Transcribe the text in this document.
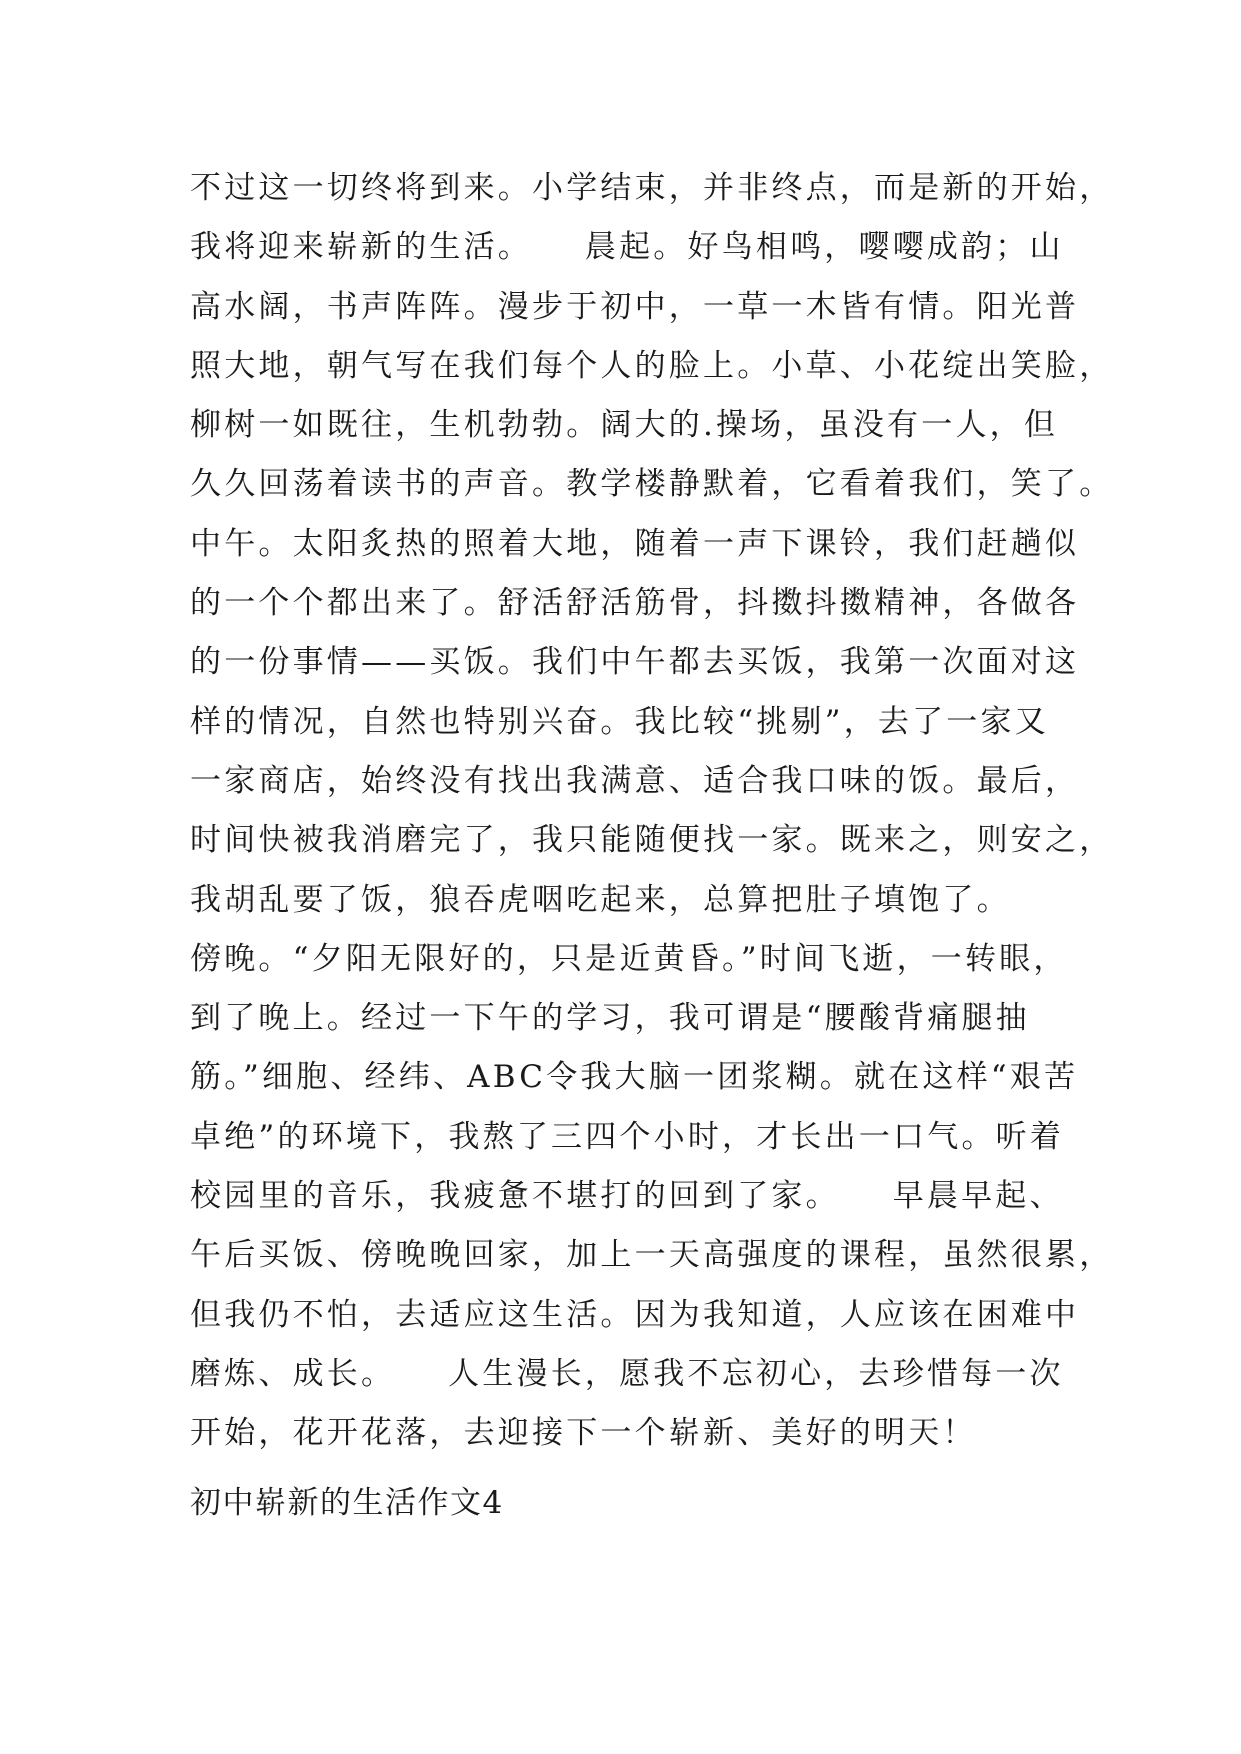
不过这一切终将到来。小学结束，并非终点，而是新的开始，
我将迎来崭新的生活。　　晨起。好鸟相鸣，嘤嘤成韵；山
高水阔，书声阵阵。漫步于初中，一草一木皆有情。阳光普
照大地，朝气写在我们每个人的脸上。小草、小花绽出笑脸，
柳树一如既往，生机勃勃。阔大的.操场，虽没有一人，但
久久回荡着读书的声音。教学楼静默着，它看着我们，笑了。
中午。太阳炙热的照着大地，随着一声下课铃，我们赶趟似
的一个个都出来了。舒活舒活筋骨，抖擞抖擞精神，各做各
的一份事情——买饭。我们中午都去买饭，我第一次面对这
样的情况，自然也特别兴奋。我比较“挑剔”，去了一家又
一家商店，始终没有找出我满意、适合我口味的饭。最后，
时间快被我消磨完了，我只能随便找一家。既来之，则安之，
我胡乱要了饭，狼吞虎咽吃起来，总算把肚子填饱了。
傍晚。“夕阳无限好的，只是近黄昏。”时间飞逝，一转眼，
到了晚上。经过一下午的学习，我可谓是“腰酸背痛腿抽
筋。”细胞、经纬、ABC令我大脑一团浆糊。就在这样“艰苦
卓绝”的环境下，我熬了三四个小时，才长出一口气。听着
校园里的音乐，我疲惫不堪打的回到了家。　　早晨早起、
午后买饭、傍晚晚回家，加上一天高强度的课程，虽然很累，
但我仍不怕，去适应这生活。因为我知道，人应该在困难中
磨炼、成长。　　人生漫长，愿我不忘初心，去珍惜每一次
开始，花开花落，去迎接下一个崭新、美好的明天！
初中崭新的生活作文4
